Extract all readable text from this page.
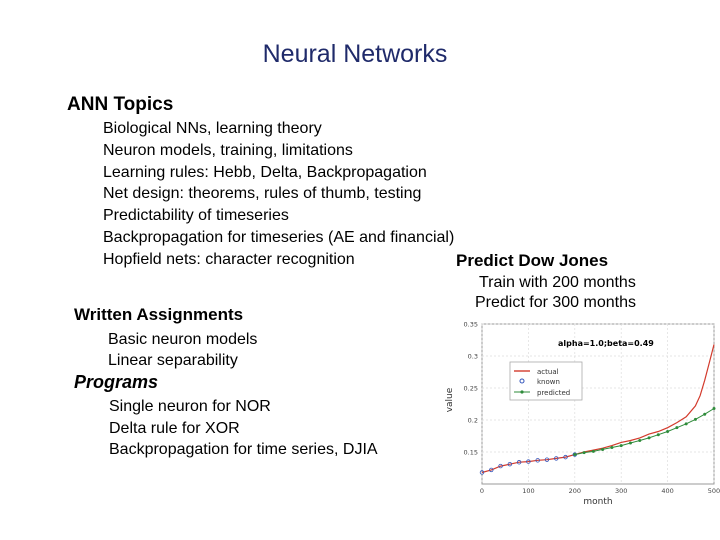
Neural Networks
ANN Topics
Biological NNs, learning theory
Neuron models, training, limitations
Learning rules: Hebb, Delta, Backpropagation
Net design: theorems, rules of thumb, testing
Predictability of timeseries
Backpropagation for timeseries (AE and financial)
Hopfield nets: character recognition
Written Assignments
Basic neuron models
Linear separability
Programs
Single neuron for NOR
Delta rule for XOR
Backpropagation for time series, DJIA
Predict Dow Jones
Train with 200 months
Predict for 300 months
0.15
0.2
0.25
0.3
0.35
0	100	200	300	400	500
alpha=1.0;beta=0.49
actual
known
predicted
value
month
